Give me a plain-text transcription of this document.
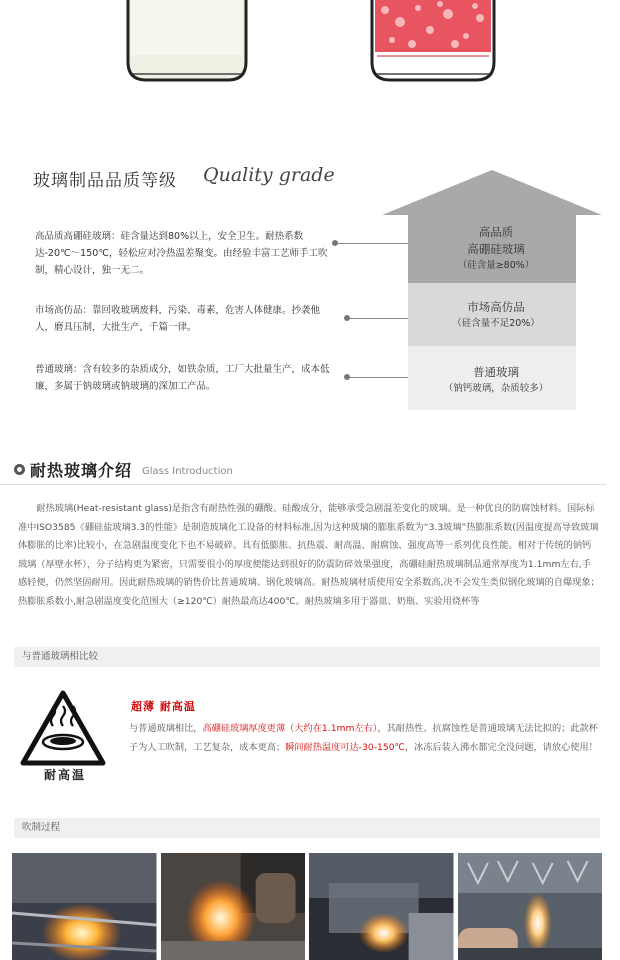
玻璃制品品质等级 Quality grade
高品质高硼硅玻璃：硅含量达到80%以上，安全卫生。耐热系数达-20℃～150℃，轻松应对冷热温差聚变。由经验丰富工艺师手工吹制，精心设计，独一无二。
市场高仿品：靠回收玻璃废料，污染、毒素，危害人体健康。抄袭他人，磨具压制，大批生产，千篇一律。
普通玻璃：含有较多的杂质成分，如铁杂质，工厂大批量生产，成本低廉，多属于钠玻璃或钠玻璃的深加工产品。
高品质
高硼硅玻璃
（硅含量≥80%）
市场高仿品
（硅含量不足20%）
普通玻璃
（钠钙玻璃，杂质较多）
耐热玻璃介绍 Glass Introduction
耐热玻璃(Heat-resistant glass)是指含有耐热性强的硼酸、硅酸成分，能够承受急剧温差变化的玻璃。是一种优良的防腐蚀材料。国际标准中ISO3585《硼硅盐玻璃3.3的性能》是制造玻璃化工设备的材料标准,因为这种玻璃的膨胀系数为“3.3玻璃”热膨胀系数(因温度提高导致玻璃体膨胀的比率)比较小，在急剧温度变化下也不易破碎。具有低膨胀、抗热震、耐高温、耐腐蚀、强度高等一系列优良性能。相对于传统的钠钙玻璃（厚壁水杯），分子结构更为紧密，只需要很小的厚度便能达到很好的防震防碎效果强度，高硼硅耐热玻璃制品通常厚度为1.1mm左右,手感轻便，仍然坚固耐用。因此耐热玻璃的销售价比普通玻璃、钢化玻璃高。耐热玻璃材质使用安全系数高,决不会发生类似钢化玻璃的自爆现象；热膨胀系数小,耐急剧温度变化范围大（≥120℃）耐热最高达400℃。耐热玻璃多用于器皿、奶瓶、实验用烧杯等
与普通玻璃相比较
耐高温
超薄 耐高温
与普通玻璃相比，高硼硅玻璃厚度更薄（大约在1.1mm左右），其耐热性、抗腐蚀性是普通玻璃无法比拟的；此款杯子为人工吹制，工艺复杂，成本更高；瞬间耐热温度可达-30-150℃，冰冻后装入沸水都完全没问题，请放心使用！
吹制过程
